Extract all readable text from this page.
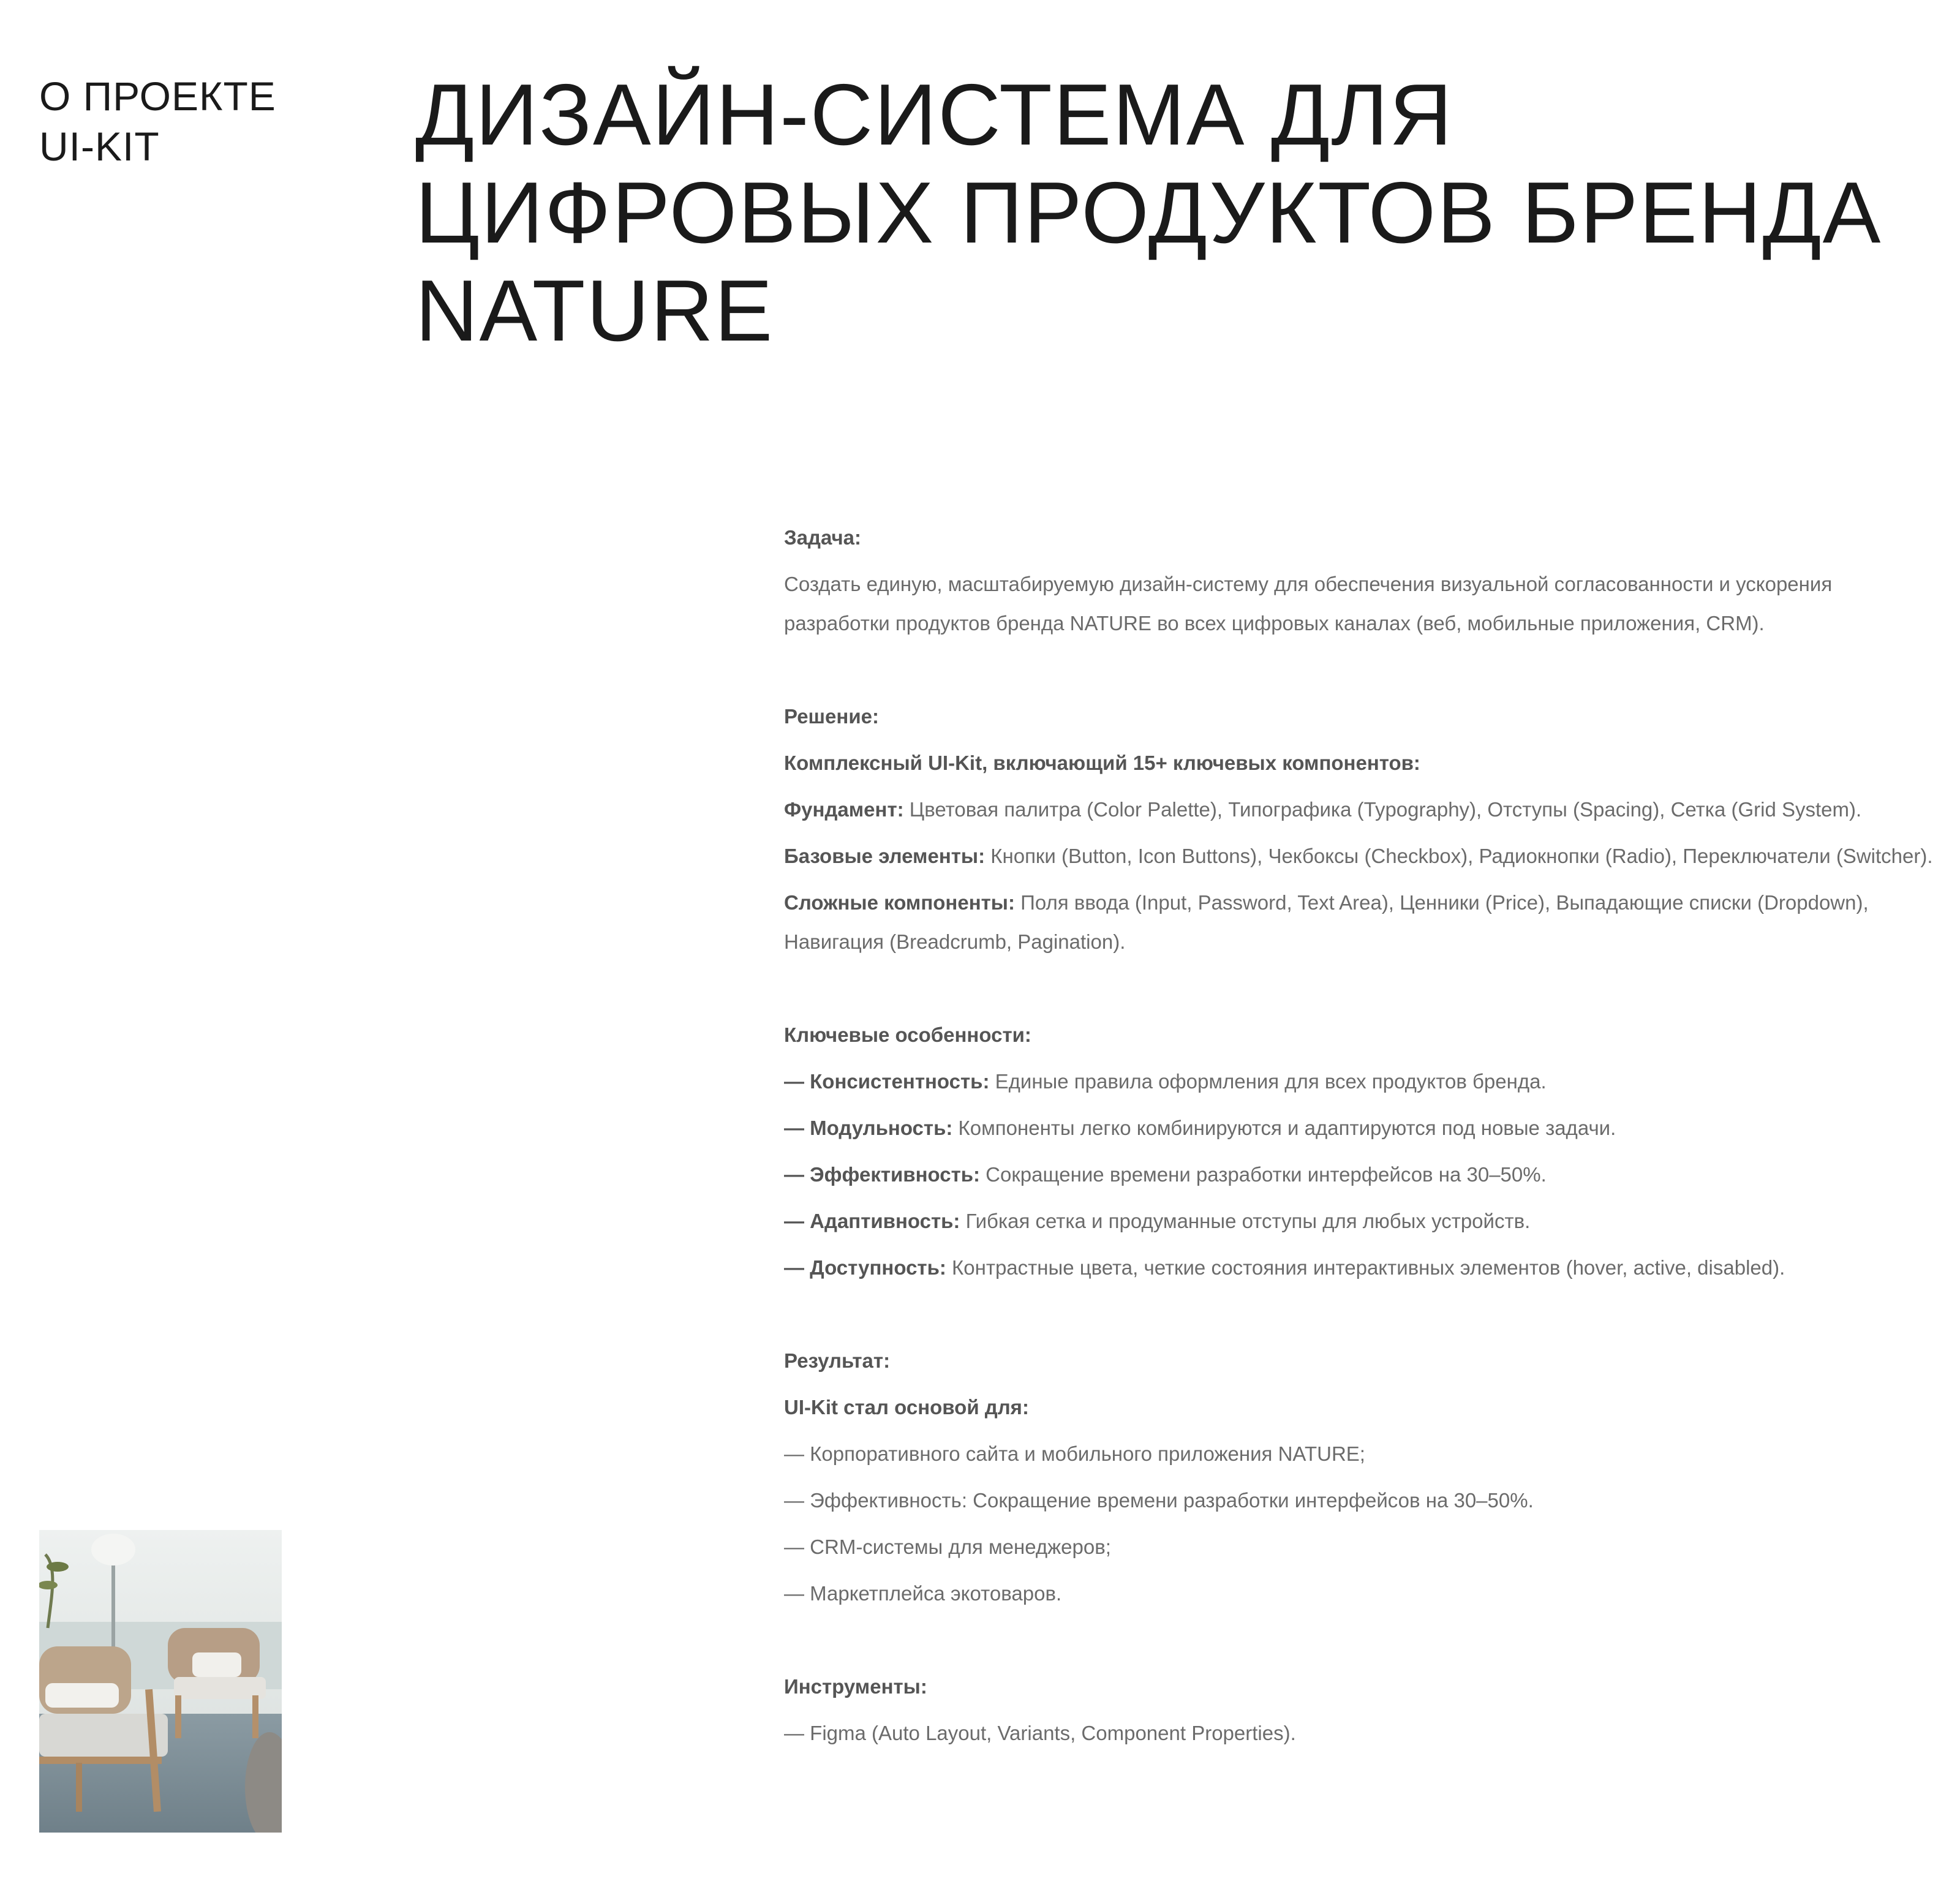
О ПРОЕКТЕ
UI-KIT	ДИЗАЙН-СИСТЕМА ДЛЯ
ЦИФРОВЫХ ПРОДУКТОВ БРЕНДА
NATURE

Задача:

Создать единую, масштабируемую дизайн-систему для обеспечения визуальной согласованности и ускорения разработки продуктов бренда NATURE во всех цифровых каналах (веб, мобильные приложения, CRM).

Решение:

Комплексный UI-Kit, включающий 15+ ключевых компонентов:

Фундамент: Цветовая палитра (Color Palette), Типографика (Typography), Отступы (Spacing), Сетка (Grid System).

Базовые элементы: Кнопки (Button, Icon Buttons), Чекбоксы (Checkbox), Радиокнопки (Radio), Переключатели (Switcher).

Сложные компоненты: Поля ввода (Input, Password, Text Area), Ценники (Price), Выпадающие списки (Dropdown), Навигация (Breadcrumb, Pagination).

Ключевые особенности:

— Консистентность: Единые правила оформления для всех продуктов бренда.

— Модульность: Компоненты легко комбинируются и адаптируются под новые задачи.

— Эффективность: Сокращение времени разработки интерфейсов на 30–50%.

— Адаптивность: Гибкая сетка и продуманные отступы для любых устройств.

— Доступность: Контрастные цвета, четкие состояния интерактивных элементов (hover, active, disabled).

Результат:

UI-Kit стал основой для:

— Корпоративного сайта и мобильного приложения NATURE;

— Эффективность: Сокращение времени разработки интерфейсов на 30–50%.

— CRM-системы для менеджеров;

— Маркетплейса экотоваров.

Инструменты:

— Figma (Auto Layout, Variants, Component Properties).
